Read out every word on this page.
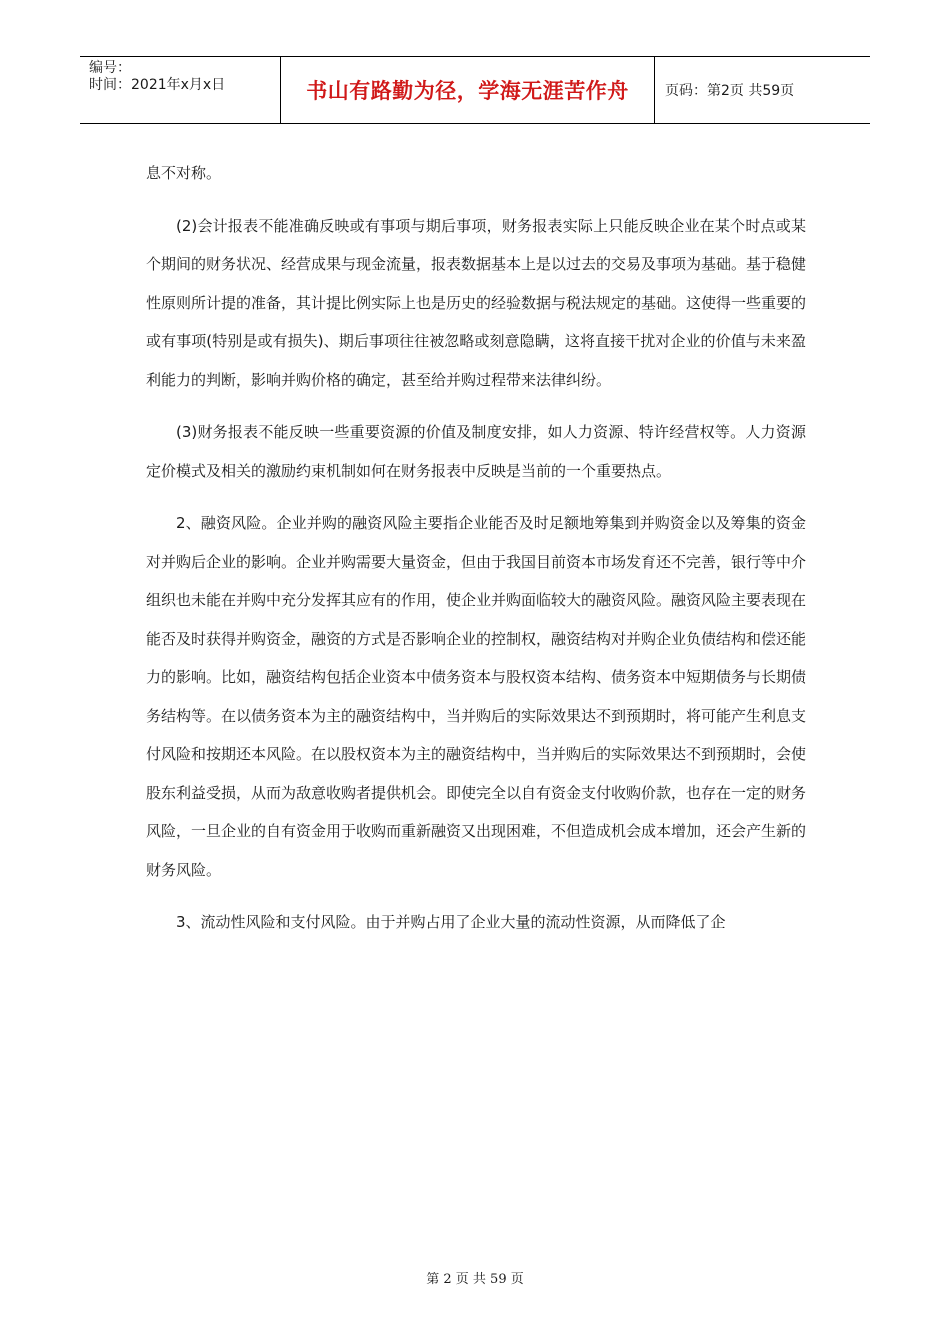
编号：
时间：2021年x月x日	书山有路勤为径，学海无涯苦作舟	页码：第2页 共59页

息不对称。

(2)会计报表不能准确反映或有事项与期后事项，财务报表实际上只能反映企业在某个时点或某个期间的财务状况、经营成果与现金流量，报表数据基本上是以过去的交易及事项为基础。基于稳健性原则所计提的准备，其计提比例实际上也是历史的经验数据与税法规定的基础。这使得一些重要的或有事项(特别是或有损失)、期后事项往往被忽略或刻意隐瞒，这将直接干扰对企业的价值与未来盈利能力的判断，影响并购价格的确定，甚至给并购过程带来法律纠纷。

(3)财务报表不能反映一些重要资源的价值及制度安排，如人力资源、特许经营权等。人力资源定价模式及相关的激励约束机制如何在财务报表中反映是当前的一个重要热点。

2、融资风险。企业并购的融资风险主要指企业能否及时足额地筹集到并购资金以及筹集的资金对并购后企业的影响。企业并购需要大量资金，但由于我国目前资本市场发育还不完善，银行等中介组织也未能在并购中充分发挥其应有的作用，使企业并购面临较大的融资风险。融资风险主要表现在能否及时获得并购资金，融资的方式是否影响企业的控制权，融资结构对并购企业负债结构和偿还能力的影响。比如，融资结构包括企业资本中债务资本与股权资本结构、债务资本中短期债务与长期债务结构等。在以债务资本为主的融资结构中，当并购后的实际效果达不到预期时，将可能产生利息支付风险和按期还本风险。在以股权资本为主的融资结构中，当并购后的实际效果达不到预期时，会使股东利益受损，从而为敌意收购者提供机会。即使完全以自有资金支付收购价款，也存在一定的财务风险，一旦企业的自有资金用于收购而重新融资又出现困难，不但造成机会成本增加，还会产生新的财务风险。

3、流动性风险和支付风险。由于并购占用了企业大量的流动性资源，从而降低了企

第 2 页 共 59 页
